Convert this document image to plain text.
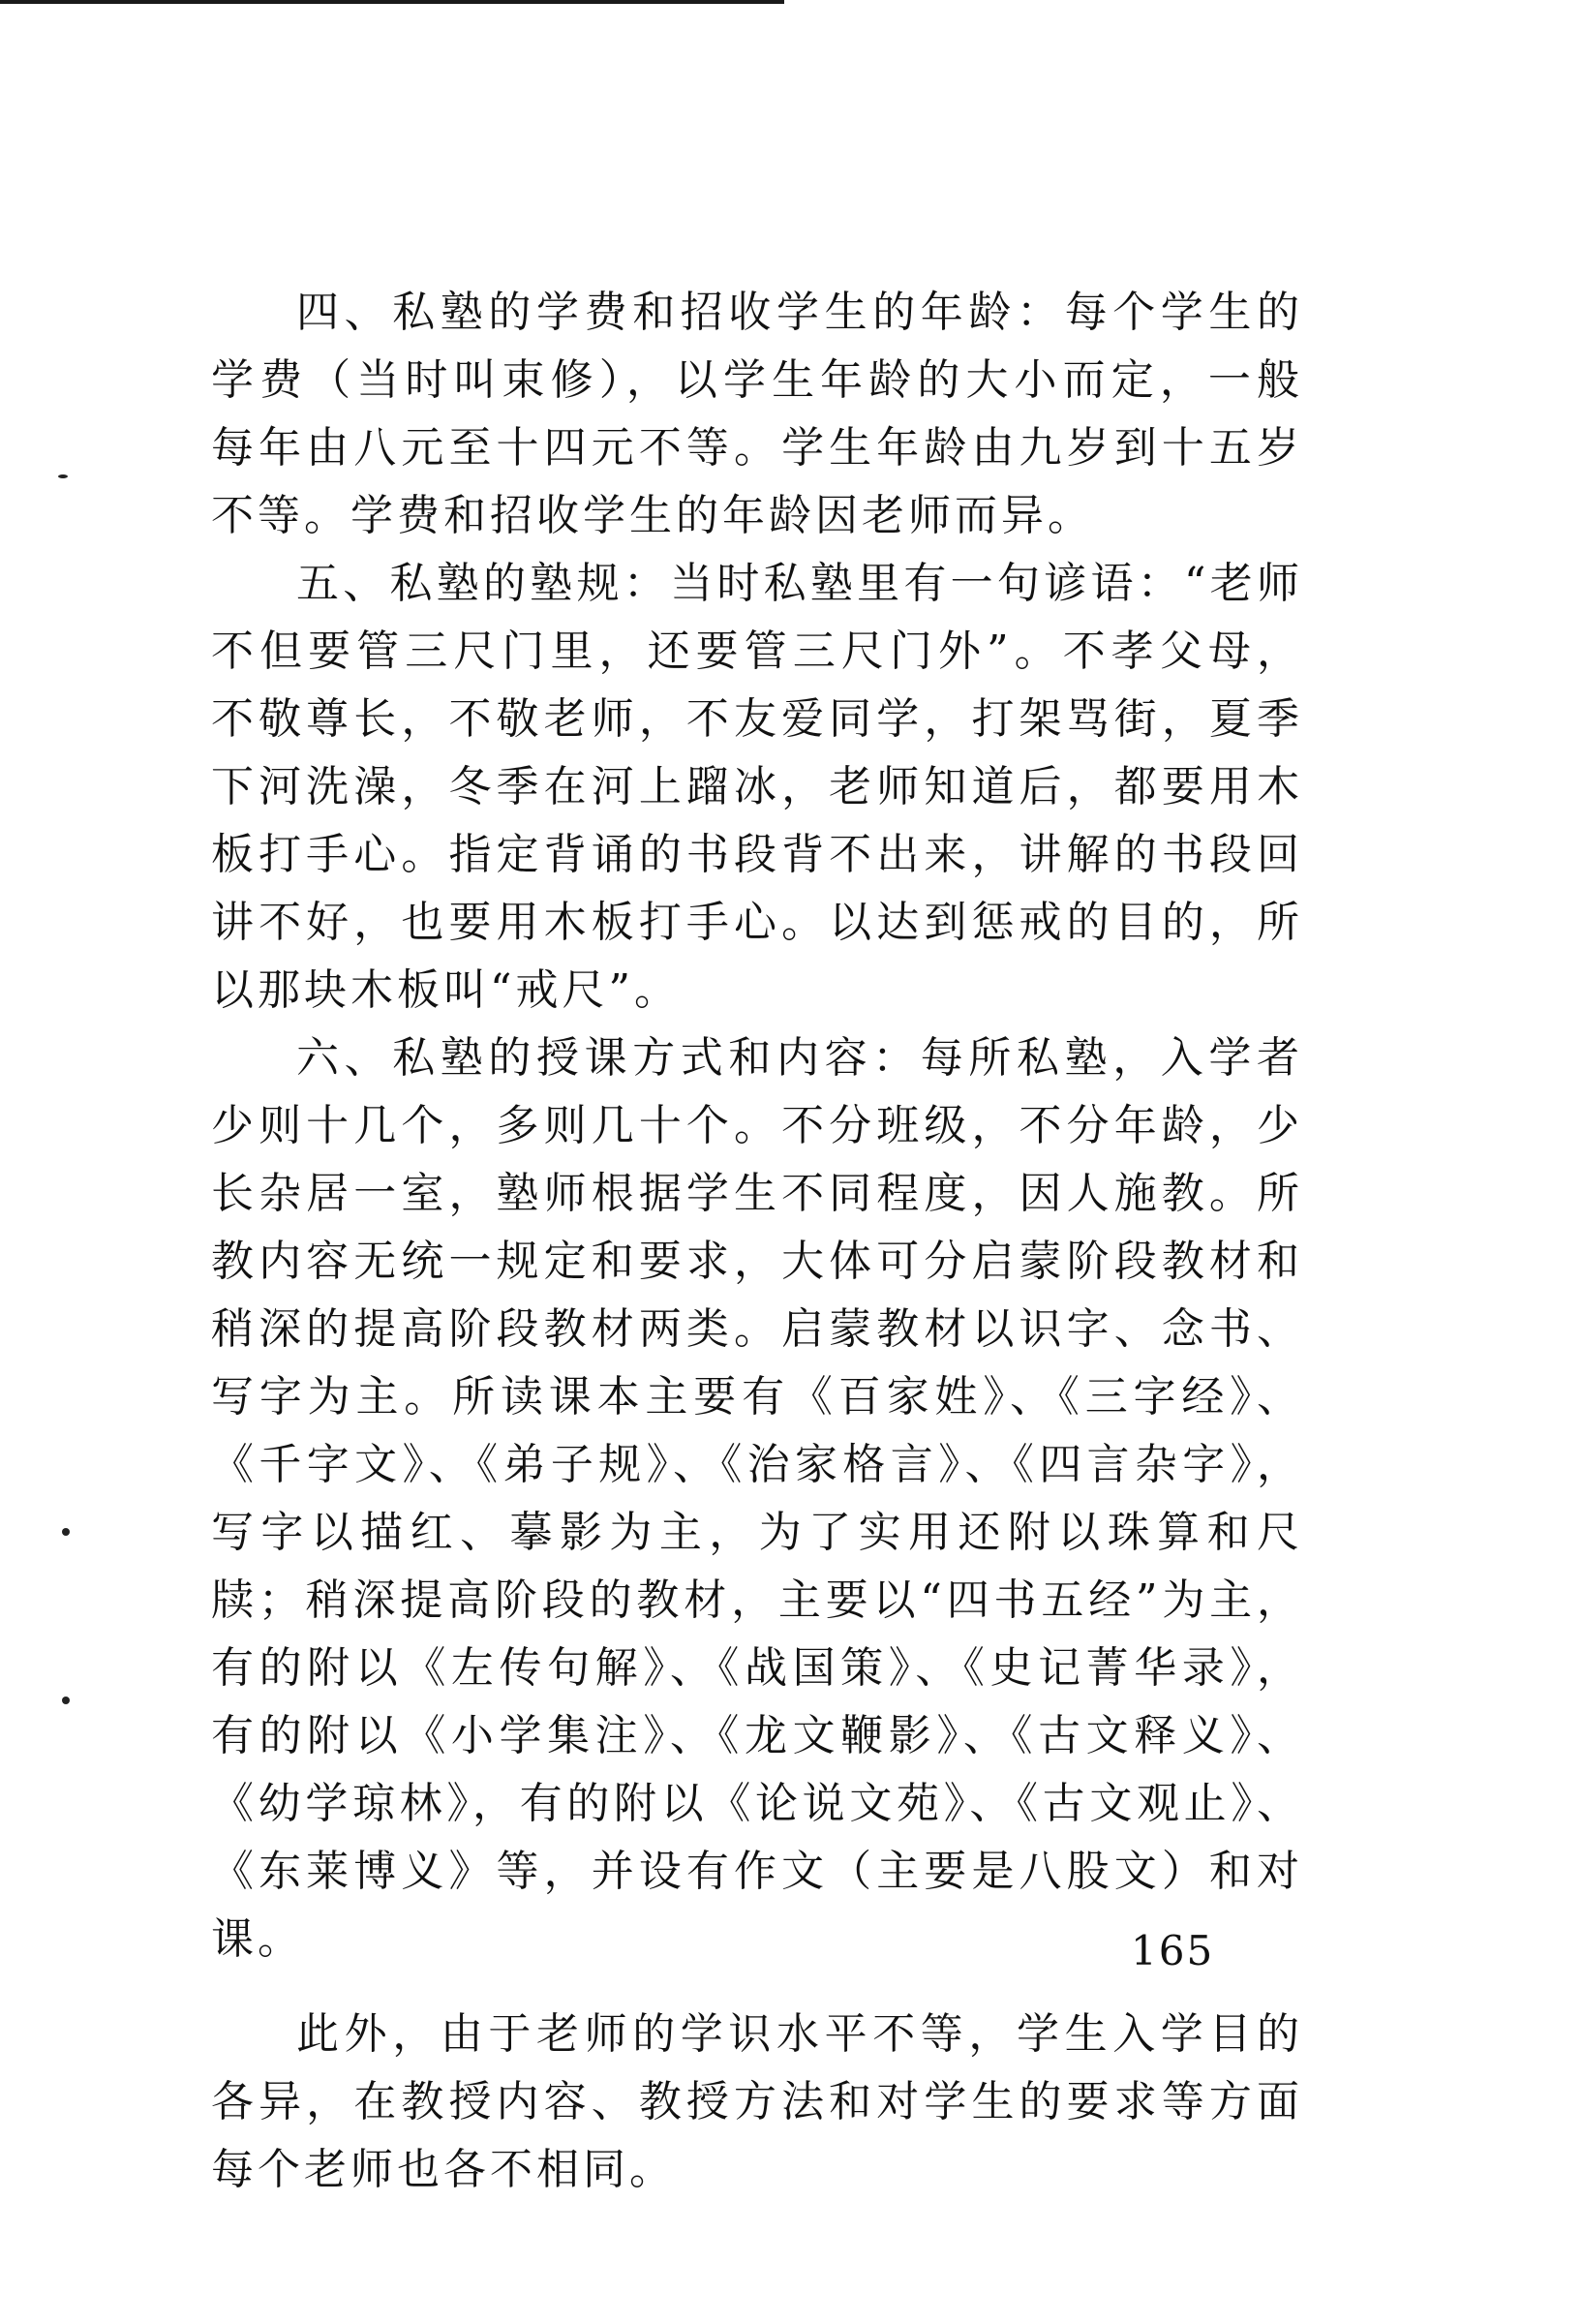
四、私塾的学费和招收学生的年龄：每个学生的学费（当时叫束修），以学生年龄的大小而定，一般每年由八元至十四元不等。学生年龄由九岁到十五岁不等。学费和招收学生的年龄因老师而异。

五、私塾的塾规：当时私塾里有一句谚语：“老师不但要管三尺门里，还要管三尺门外”。不孝父母，不敬尊长，不敬老师，不友爱同学，打架骂街，夏季下河洗澡，冬季在河上蹓冰，老师知道后，都要用木板打手心。指定背诵的书段背不出来，讲解的书段回讲不好，也要用木板打手心。以达到惩戒的目的，所以那块木板叫“戒尺”。

六、私塾的授课方式和内容：每所私塾，入学者少则十几个，多则几十个。不分班级，不分年龄，少长杂居一室，塾师根据学生不同程度，因人施教。所教内容无统一规定和要求，大体可分启蒙阶段教材和稍深的提高阶段教材两类。启蒙教材以识字、念书、写字为主。所读课本主要有《百家姓》、《三字经》、《千字文》、《弟子规》、《治家格言》、《四言杂字》，写字以描红、摹影为主，为了实用还附以珠算和尺牍；稍深提高阶段的教材，主要以“四书五经”为主，有的附以《左传句解》、《战国策》、《史记菁华录》，有的附以《小学集注》、《龙文鞭影》、《古文释义》、《幼学琼林》，有的附以《论说文苑》、《古文观止》、《东莱博义》等，并设有作文（主要是八股文）和对课。

此外，由于老师的学识水平不等，学生入学目的各异，在教授内容、教授方法和对学生的要求等方面每个老师也各不相同。

165
